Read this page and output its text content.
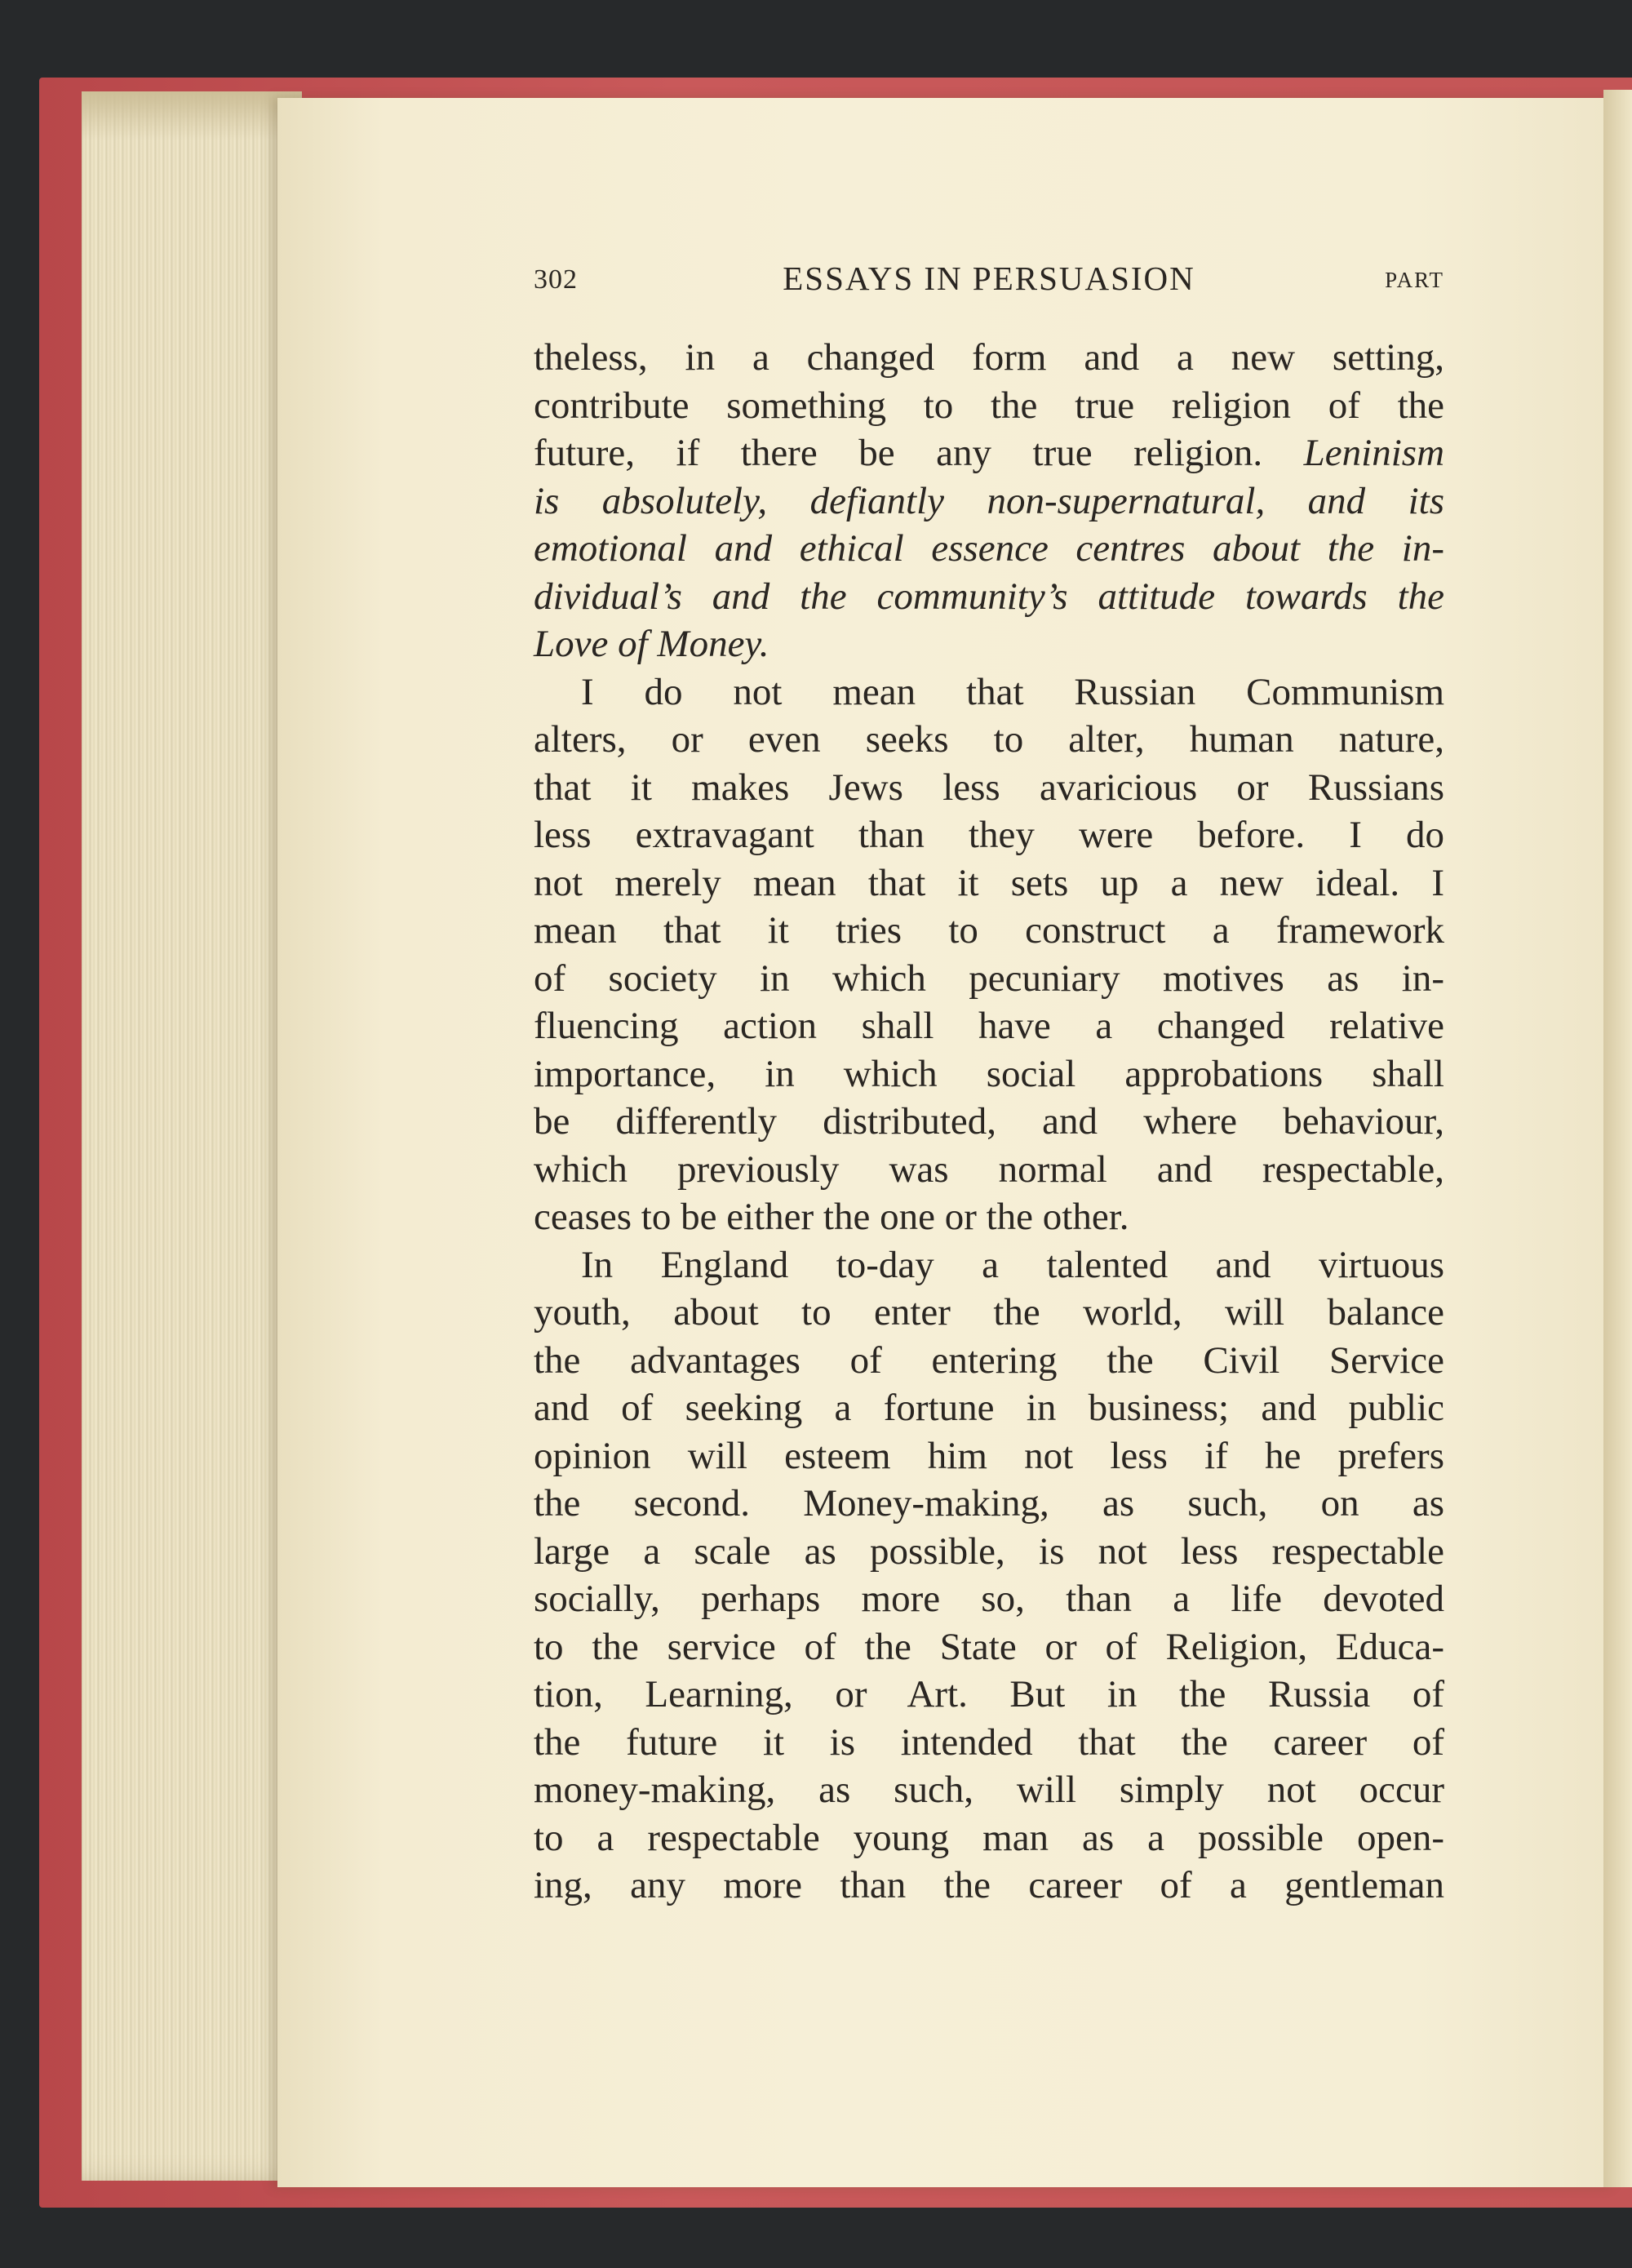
302	ESSAYS IN PERSUASION	PART
theless, in a changed form and a new setting,
contribute something to the true religion of the
future, if there be any true religion. Leninism
is absolutely, defiantly non-supernatural, and its
emotional and ethical essence centres about the in-
dividual’s and the community’s attitude towards the
Love of Money.
I do not mean that Russian Communism
alters, or even seeks to alter, human nature,
that it makes Jews less avaricious or Russians
less extravagant than they were before. I do
not merely mean that it sets up a new ideal. I
mean that it tries to construct a framework
of society in which pecuniary motives as in-
fluencing action shall have a changed relative
importance, in which social approbations shall
be differently distributed, and where behaviour,
which previously was normal and respectable,
ceases to be either the one or the other.
In England to-day a talented and virtuous
youth, about to enter the world, will balance
the advantages of entering the Civil Service
and of seeking a fortune in business; and public
opinion will esteem him not less if he prefers
the second. Money-making, as such, on as
large a scale as possible, is not less respectable
socially, perhaps more so, than a life devoted
to the service of the State or of Religion, Educa-
tion, Learning, or Art. But in the Russia of
the future it is intended that the career of
money-making, as such, will simply not occur
to a respectable young man as a possible open-
ing, any more than the career of a gentleman
